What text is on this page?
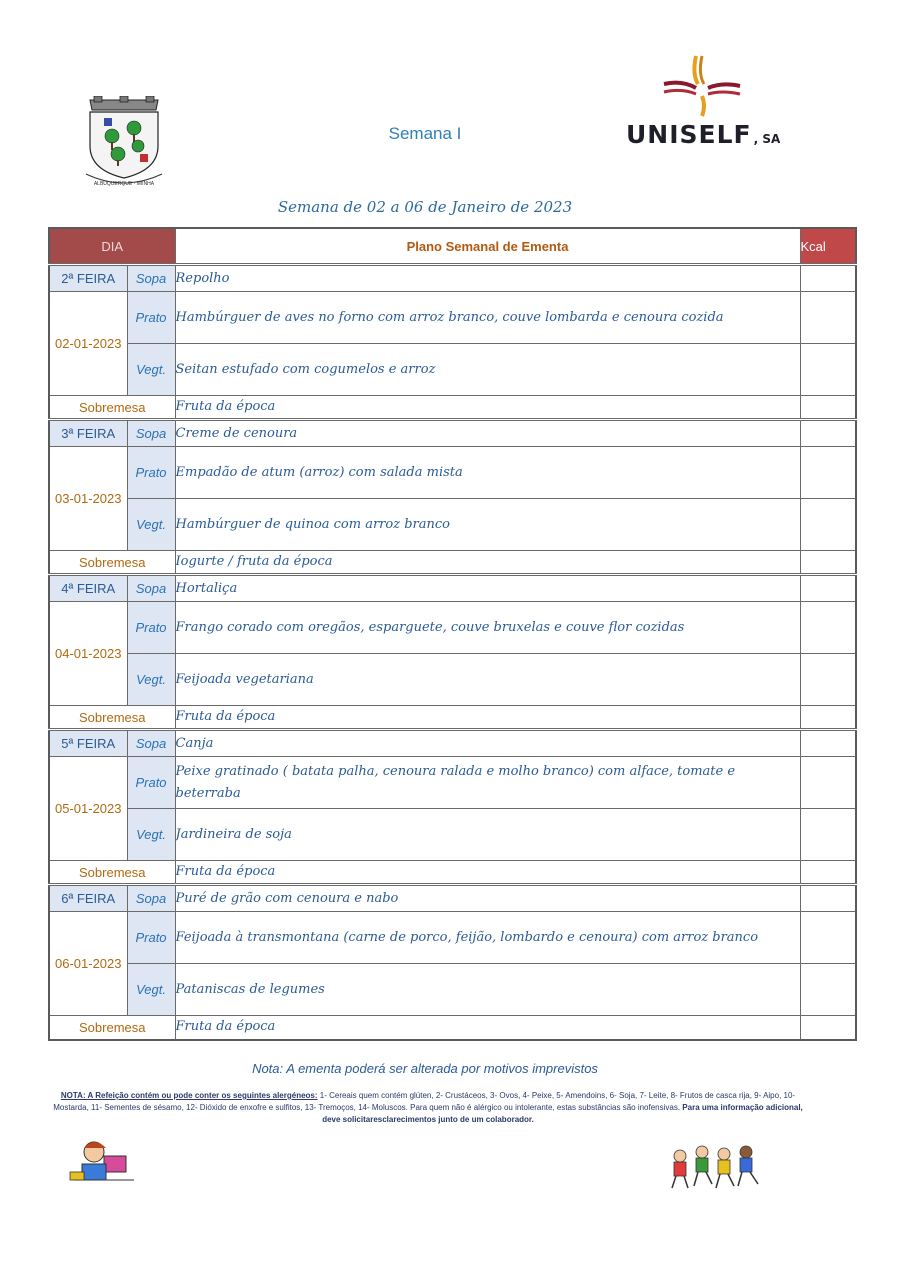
ALBUQUERQUE · IMINHA
Semana I	UNISELF , SA
Semana de 02 a 06 de Janeiro de 2023
DIA		Plano Semanal de Ementa	Kcal
2ª FEIRA	Sopa	Repolho	
02-01-2023	Prato	Hambúrguer de aves no forno com arroz branco, couve lombarda e cenoura cozida	
	Vegt.	Seitan estufado com cogumelos e arroz	
Sobremesa		Fruta da época	
3ª FEIRA	Sopa	Creme de cenoura	
03-01-2023	Prato	Empadão de atum (arroz) com salada mista	
	Vegt.	Hambúrguer de quinoa com arroz branco	
Sobremesa		Iogurte / fruta da época	
4ª FEIRA	Sopa	Hortaliça	
04-01-2023	Prato	Frango corado com oregãos, esparguete, couve bruxelas e couve flor cozidas	
	Vegt.	Feijoada vegetariana	
Sobremesa		Fruta da época	
5ª FEIRA	Sopa	Canja	
05-01-2023	Prato	Peixe gratinado ( batata palha, cenoura ralada e molho branco) com alface, tomate e beterraba	
	Vegt.	Jardineira de soja	
Sobremesa		Fruta da época	
6ª FEIRA	Sopa	Puré de grão com cenoura e nabo	
06-01-2023	Prato	Feijoada à transmontana (carne de porco, feijão, lombardo e cenoura) com arroz branco	
	Vegt.	Pataniscas de legumes	
Sobremesa		Fruta da época	
Nota: A ementa poderá ser alterada por motivos imprevistos
NOTA: A Refeição contém ou pode conter os seguintes alergéneos: 1- Cereais quem contém glúten, 2- Crustáceos, 3- Ovos, 4- Peixe, 5- Amendoins, 6- Soja, 7- Leite, 8- Frutos de casca rija, 9- Aipo, 10- Mostarda, 11- Sementes de sésamo, 12- Dióxido de enxofre e sulfitos, 13- Tremoços, 14- Moluscos. Para quem não é alérgico ou intolerante, estas substâncias são inofensivas. Para uma informação adicional, deve solicitaresclarecimentos junto de um colaborador.
